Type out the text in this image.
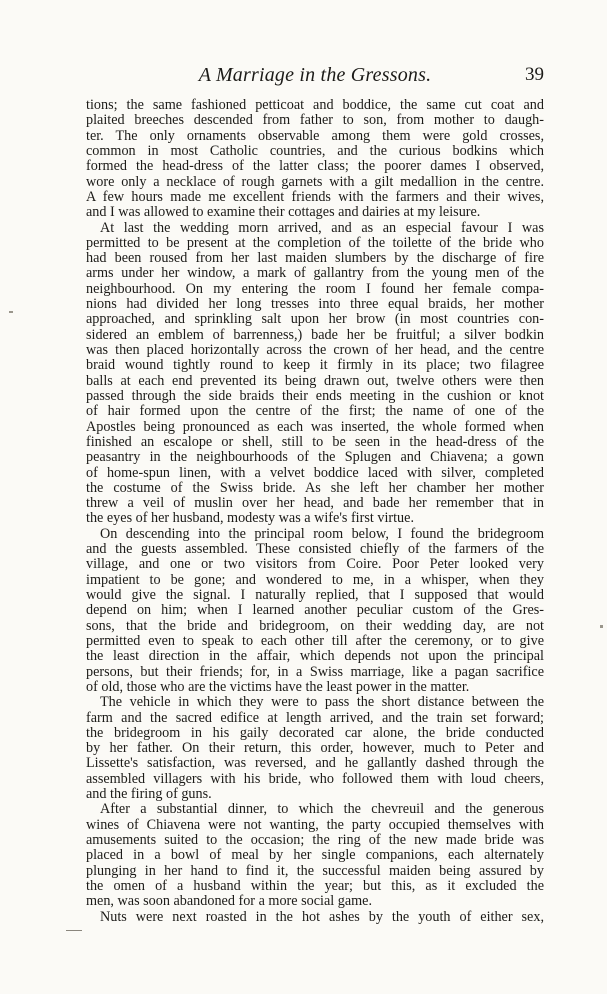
A Marriage in the Gressons.	39
tions; the same fashioned petticoat and boddice, the same cut coat and
plaited breeches descended from father to son, from mother to daugh-
ter. The only ornaments observable among them were gold crosses,
common in most Catholic countries, and the curious bodkins which
formed the head-dress of the latter class; the poorer dames I observed,
wore only a necklace of rough garnets with a gilt medallion in the centre.
A few hours made me excellent friends with the farmers and their wives,
and I was allowed to examine their cottages and dairies at my leisure.
At last the wedding morn arrived, and as an especial favour I was
permitted to be present at the completion of the toilette of the bride who
had been roused from her last maiden slumbers by the discharge of fire
arms under her window, a mark of gallantry from the young men of the
neighbourhood. On my entering the room I found her female compa-
nions had divided her long tresses into three equal braids, her mother
approached, and sprinkling salt upon her brow (in most countries con-
sidered an emblem of barrenness,) bade her be fruitful; a silver bodkin
was then placed horizontally across the crown of her head, and the centre
braid wound tightly round to keep it firmly in its place; two filagree
balls at each end prevented its being drawn out, twelve others were then
passed through the side braids their ends meeting in the cushion or knot
of hair formed upon the centre of the first; the name of one of the
Apostles being pronounced as each was inserted, the whole formed when
finished an escalope or shell, still to be seen in the head-dress of the
peasantry in the neighbourhoods of the Splugen and Chiavena; a gown
of home-spun linen, with a velvet boddice laced with silver, completed
the costume of the Swiss bride. As she left her chamber her mother
threw a veil of muslin over her head, and bade her remember that in
the eyes of her husband, modesty was a wife's first virtue.
On descending into the principal room below, I found the bridegroom
and the guests assembled. These consisted chiefly of the farmers of the
village, and one or two visitors from Coire. Poor Peter looked very
impatient to be gone; and wondered to me, in a whisper, when they
would give the signal. I naturally replied, that I supposed that would
depend on him; when I learned another peculiar custom of the Gres-
sons, that the bride and bridegroom, on their wedding day, are not
permitted even to speak to each other till after the ceremony, or to give
the least direction in the affair, which depends not upon the principal
persons, but their friends; for, in a Swiss marriage, like a pagan sacrifice
of old, those who are the victims have the least power in the matter.
The vehicle in which they were to pass the short distance between the
farm and the sacred edifice at length arrived, and the train set forward;
the bridegroom in his gaily decorated car alone, the bride conducted
by her father. On their return, this order, however, much to Peter and
Lissette's satisfaction, was reversed, and he gallantly dashed through the
assembled villagers with his bride, who followed them with loud cheers,
and the firing of guns.
After a substantial dinner, to which the chevreuil and the generous
wines of Chiavena were not wanting, the party occupied themselves with
amusements suited to the occasion; the ring of the new made bride was
placed in a bowl of meal by her single companions, each alternately
plunging in her hand to find it, the successful maiden being assured by
the omen of a husband within the year; but this, as it excluded the
men, was soon abandoned for a more social game.
Nuts were next roasted in the hot ashes by the youth of either sex,
